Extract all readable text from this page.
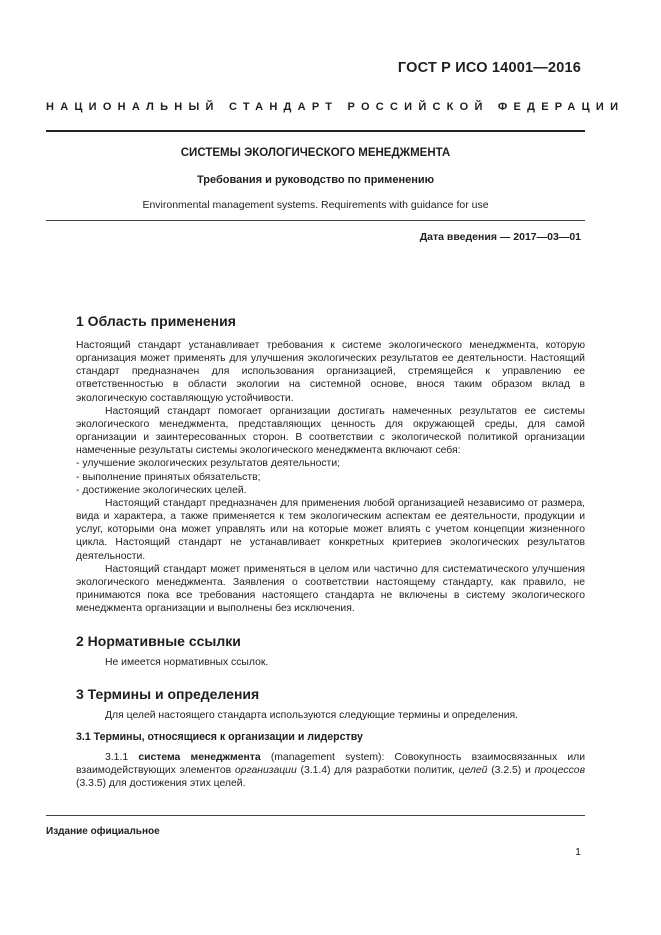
ГОСТ Р ИСО 14001—2016
НАЦИОНАЛЬНЫЙ СТАНДАРТ РОССИЙСКОЙ ФЕДЕРАЦИИ
СИСТЕМЫ ЭКОЛОГИЧЕСКОГО МЕНЕДЖМЕНТА
Требования и руководство по применению
Environmental management systems. Requirements with guidance for use
Дата введения — 2017—03—01
1 Область применения

Настоящий стандарт устанавливает требования к системе экологического менеджмента, которую организация может применять для улучшения экологических результатов ее деятельности. Настоящий стандарт предназначен для использования организацией, стремящейся к управлению ее ответственностью в области экологии на системной основе, внося таким образом вклад в экологическую составляющую устойчивости.

Настоящий стандарт помогает организации достигать намеченных результатов ее системы экологического менеджмента, представляющих ценность для окружающей среды, для самой организации и заинтересованных сторон. В соответствии с экологической политикой организации намеченные результаты системы экологического менеджмента включают себя:

- улучшение экологических результатов деятельности;

- выполнение принятых обязательств;

- достижение экологических целей.

Настоящий стандарт предназначен для применения любой организацией независимо от размера, вида и характера, а также применяется к тем экологическим аспектам ее деятельности, продукции и услуг, которыми она может управлять или на которые может влиять с учетом концепции жизненного цикла. Настоящий стандарт не устанавливает конкретных критериев экологических результатов деятельности.

Настоящий стандарт может применяться в целом или частично для систематического улучшения экологического менеджмента. Заявления о соответствии настоящему стандарту, как правило, не принимаются пока все требования настоящего стандарта не включены в систему экологического менеджмента организации и выполнены без исключения.

2 Нормативные ссылки

Не имеется нормативных ссылок.

3 Термины и определения

Для целей настоящего стандарта используются следующие термины и определения.

3.1 Термины, относящиеся к организации и лидерству

3.1.1 система менеджмента (management system): Совокупность взаимосвязанных или взаимодействующих элементов организации (3.1.4) для разработки политик, целей (3.2.5) и процессов (3.3.5) для достижения этих целей.

Издание официальное
1
